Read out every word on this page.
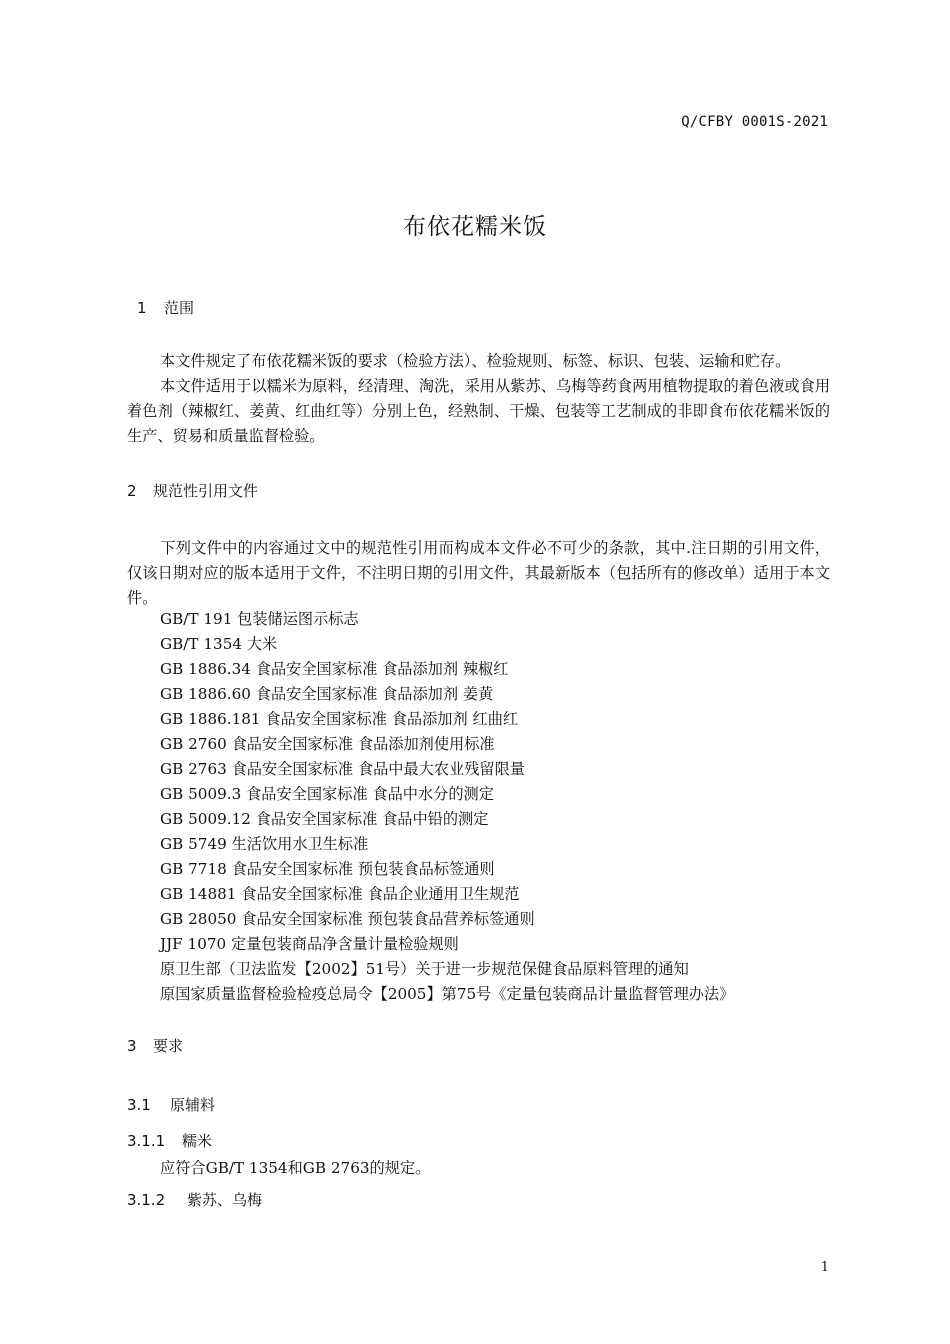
Q/CFBY 0001S-2021
布依花糯米饭
1 范围
本文件规定了布依花糯米饭的要求（检验方法）、检验规则、标签、标识、包装、运输和贮存。
本文件适用于以糯米为原料，经清理、淘洗，采用从紫苏、乌梅等药食两用植物提取的着色液或食用着色剂（辣椒红、姜黄、红曲红等）分别上色，经熟制、干燥、包装等工艺制成的非即食布依花糯米饭的生产、贸易和质量监督检验。
2 规范性引用文件
下列文件中的内容通过文中的规范性引用而构成本文件必不可少的条款，其中.注日期的引用文件，仅该日期对应的版本适用于文件，不注明日期的引用文件，其最新版本（包括所有的修改单）适用于本文件。
GB/T 191 包装储运图示标志
GB/T 1354 大米
GB 1886.34 食品安全国家标准 食品添加剂 辣椒红
GB 1886.60 食品安全国家标准 食品添加剂 姜黄
GB 1886.181 食品安全国家标准 食品添加剂 红曲红
GB 2760 食品安全国家标准 食品添加剂使用标准
GB 2763 食品安全国家标准 食品中最大农业残留限量
GB 5009.3 食品安全国家标准 食品中水分的测定
GB 5009.12 食品安全国家标准 食品中铅的测定
GB 5749 生活饮用水卫生标准
GB 7718 食品安全国家标准 预包装食品标签通则
GB 14881 食品安全国家标准 食品企业通用卫生规范
GB 28050 食品安全国家标准 预包装食品营养标签通则
JJF 1070 定量包装商品净含量计量检验规则
原卫生部（卫法监发【2002】51号）关于进一步规范保健食品原料管理的通知
原国家质量监督检验检疫总局令【2005】第75号《定量包装商品计量监督管理办法》
3 要求
3.1 原辅料
3.1.1 糯米
应符合GB/T 1354和GB 2763的规定。
3.1.2 紫苏、乌梅
1
